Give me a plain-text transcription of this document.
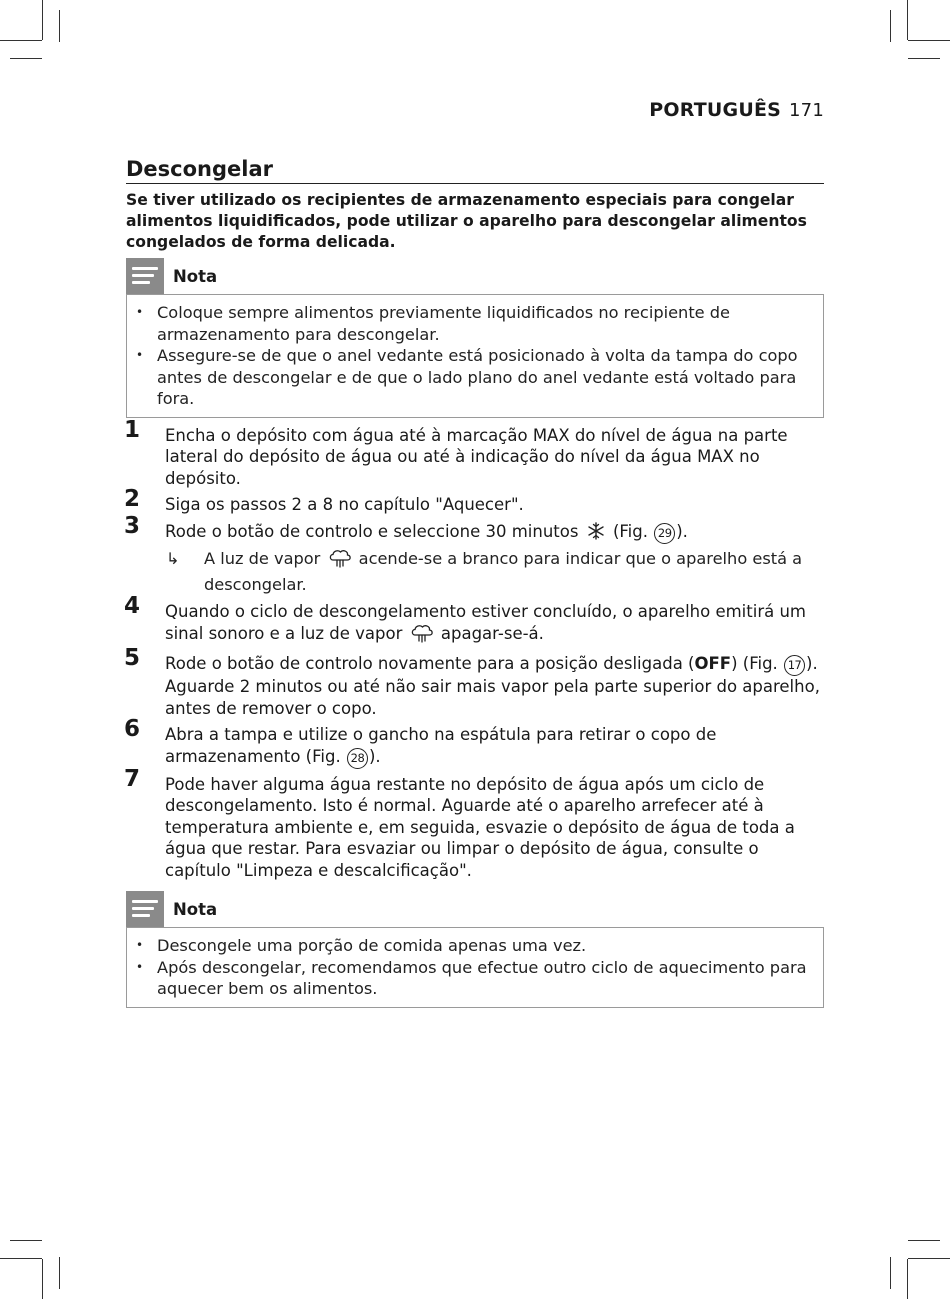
PORTUGUÊS 171
Descongelar

Se tiver utilizado os recipientes de armazenamento especiais para congelar alimentos liquidificados, pode utilizar o aparelho para descongelar alimentos congelados de forma delicada.

Nota
• Coloque sempre alimentos previamente liquidificados no recipiente de armazenamento para descongelar.
• Assegure-se de que o anel vedante está posicionado à volta da tampa do copo antes de descongelar e de que o lado plano do anel vedante está voltado para fora.
1 Encha o depósito com água até à marcação MAX do nível de água na parte lateral do depósito de água ou até à indicação do nível da água MAX no depósito.
2 Siga os passos 2 a 8 no capítulo "Aquecer".
3 Rode o botão de controlo e seleccione 30 minutos (Fig. 29 ).
↳ A luz de vapor acende-se a branco para indicar que o aparelho está a descongelar.
4 Quando o ciclo de descongelamento estiver concluído, o aparelho emitirá um sinal sonoro e a luz de vapor apagar-se-á.
5 Rode o botão de controlo novamente para a posição desligada (OFF) (Fig. 17 ). Aguarde 2 minutos ou até não sair mais vapor pela parte superior do aparelho, antes de remover o copo.
6 Abra a tampa e utilize o gancho na espátula para retirar o copo de armazenamento (Fig. 28 ).
7 Pode haver alguma água restante no depósito de água após um ciclo de descongelamento. Isto é normal. Aguarde até o aparelho arrefecer até à temperatura ambiente e, em seguida, esvazie o depósito de água de toda a água que restar. Para esvaziar ou limpar o depósito de água, consulte o capítulo "Limpeza e descalcificação".
Nota
• Descongele uma porção de comida apenas uma vez.
• Após descongelar, recomendamos que efectue outro ciclo de aquecimento para aquecer bem os alimentos.
